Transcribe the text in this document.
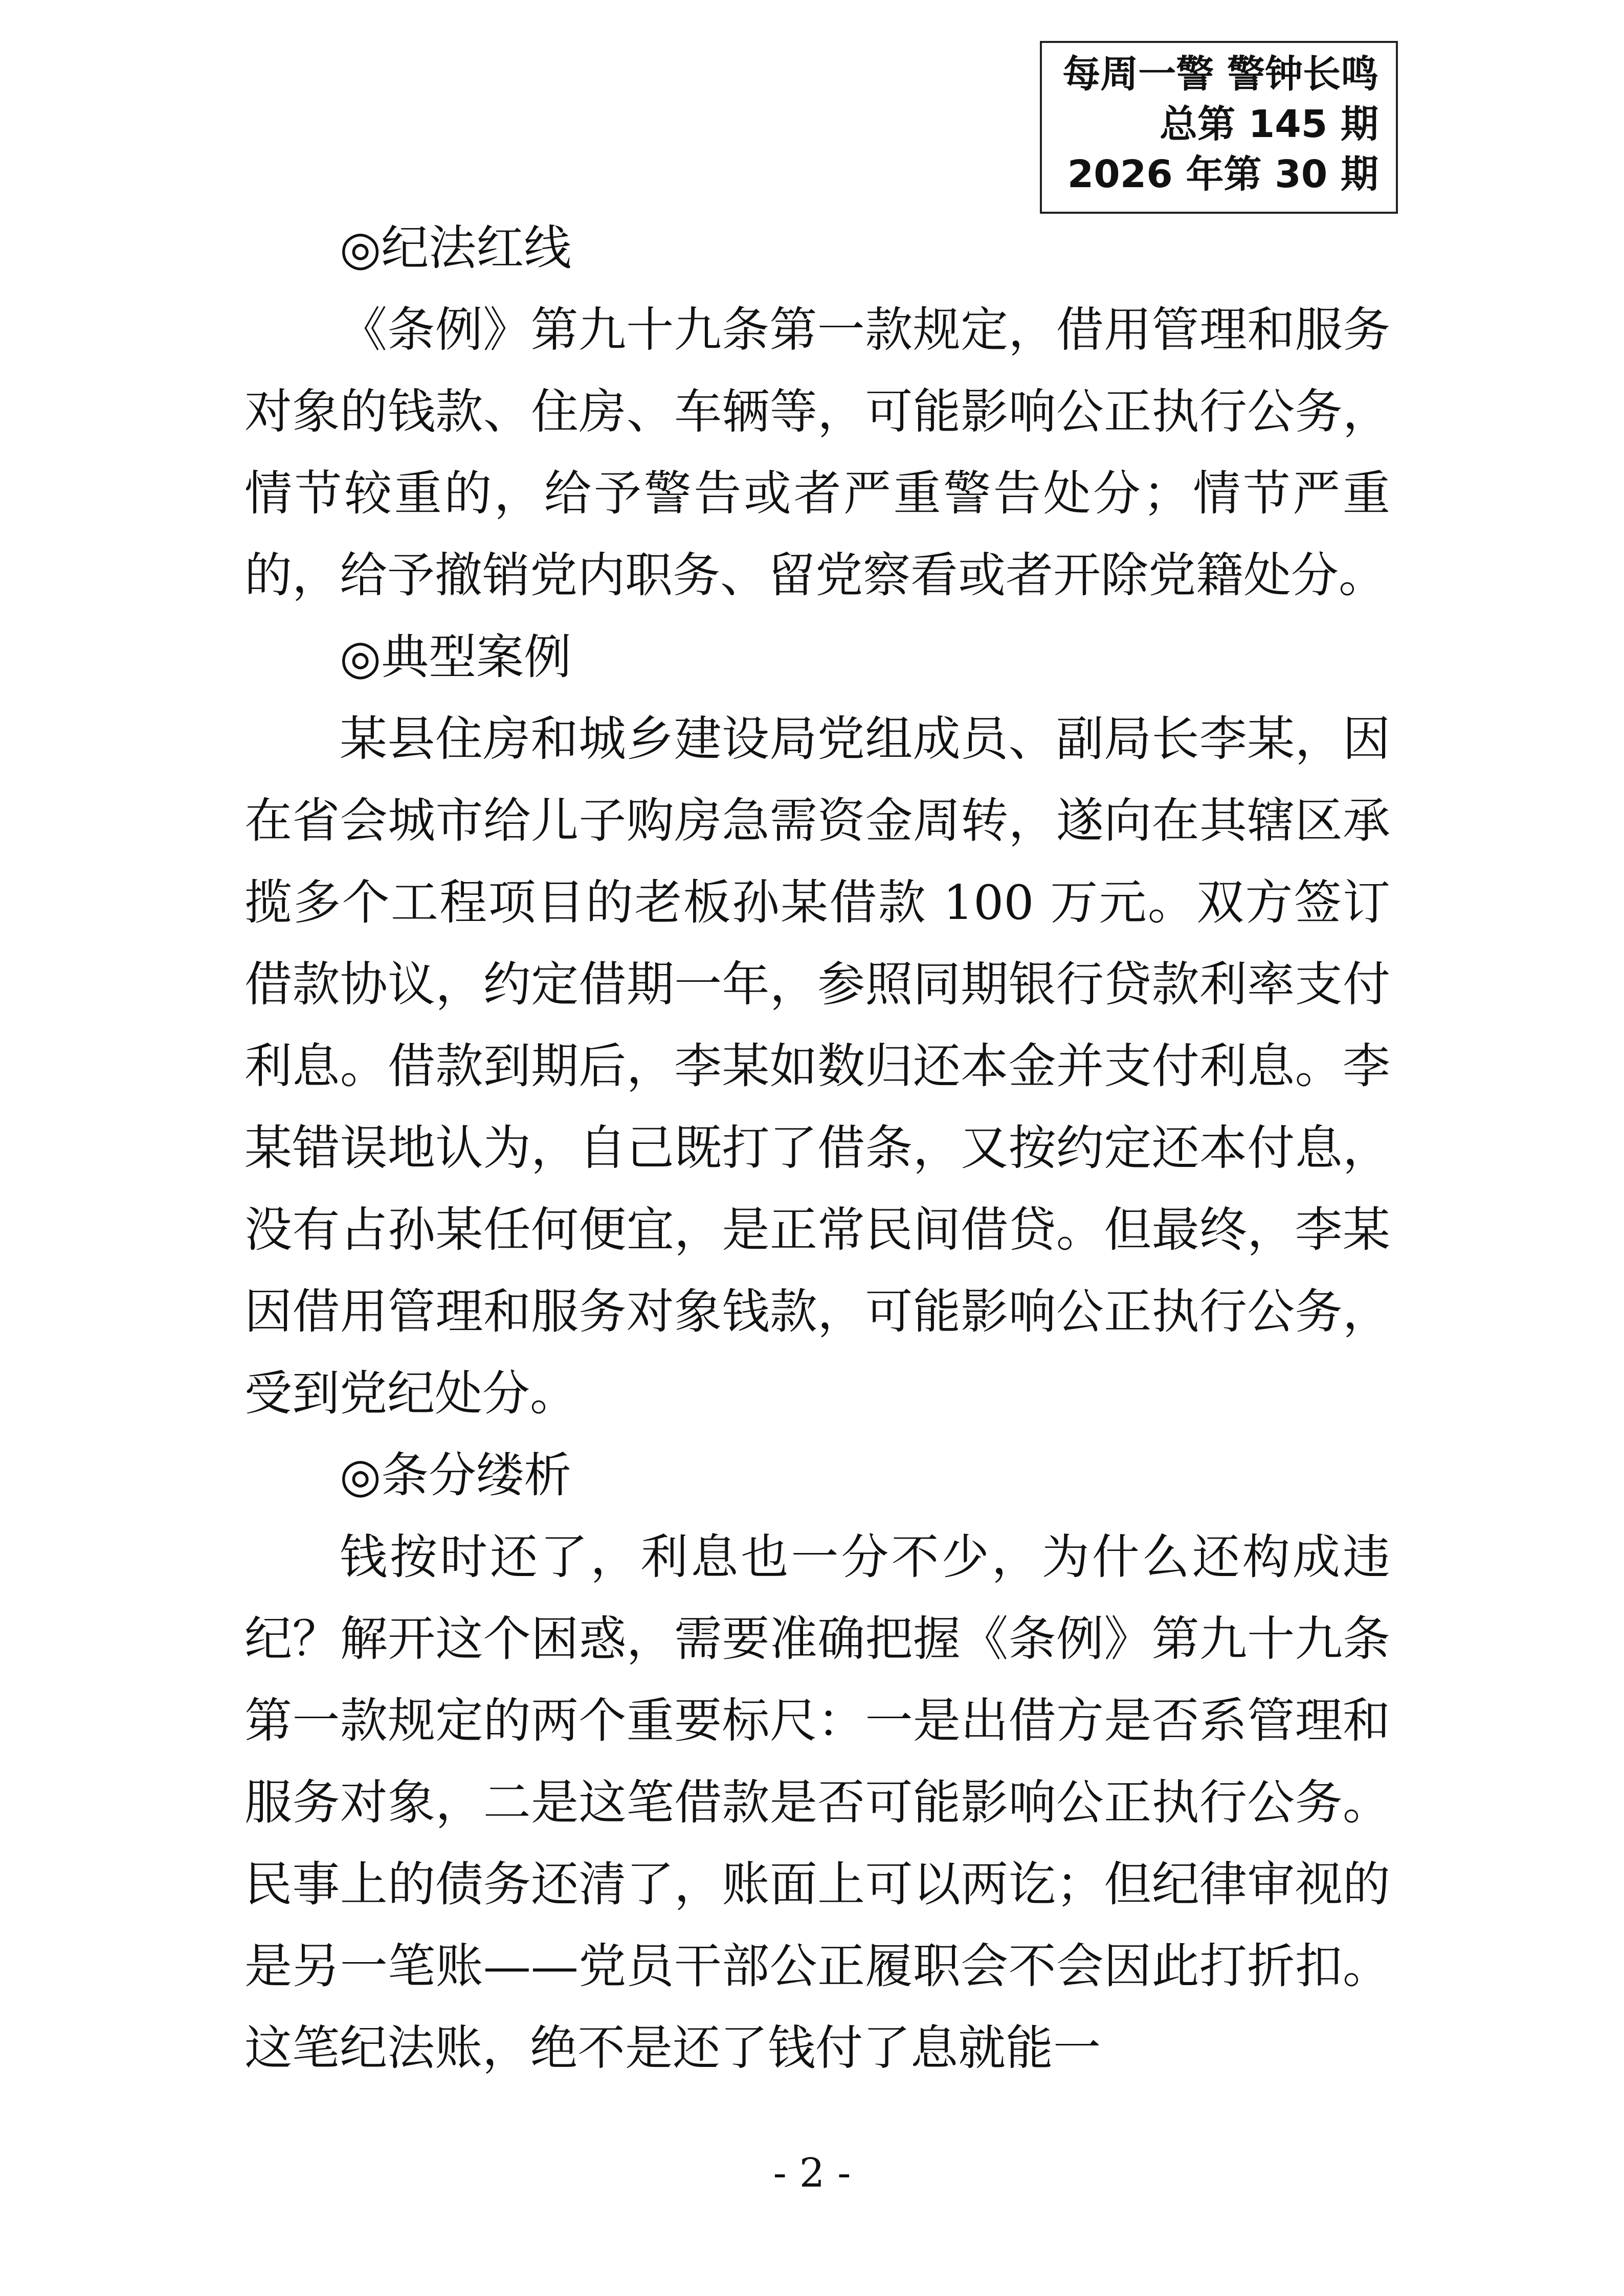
每周一警 警钟长鸣
总第 145 期
2026 年第 30 期
◎纪法红线

《条例》第九十九条第一款规定，借用管理和服务对象的钱款、住房、车辆等，可能影响公正执行公务，情节较重的，给予警告或者严重警告处分；情节严重的，给予撤销党内职务、留党察看或者开除党籍处分。

◎典型案例

某县住房和城乡建设局党组成员、副局长李某，因在省会城市给儿子购房急需资金周转，遂向在其辖区承揽多个工程项目的老板孙某借款 100 万元。双方签订借款协议，约定借期一年，参照同期银行贷款利率支付利息。借款到期后，李某如数归还本金并支付利息。李某错误地认为，自己既打了借条，又按约定还本付息，没有占孙某任何便宜，是正常民间借贷。但最终，李某因借用管理和服务对象钱款，可能影响公正执行公务，受到党纪处分。

◎条分缕析

钱按时还了，利息也一分不少，为什么还构成违纪？解开这个困惑，需要准确把握《条例》第九十九条第一款规定的两个重要标尺：一是出借方是否系管理和服务对象，二是这笔借款是否可能影响公正执行公务。民事上的债务还清了，账面上可以两讫；但纪律审视的是另一笔账——党员干部公正履职会不会因此打折扣。这笔纪法账，绝不是还了钱付了息就能一

- 2 -
